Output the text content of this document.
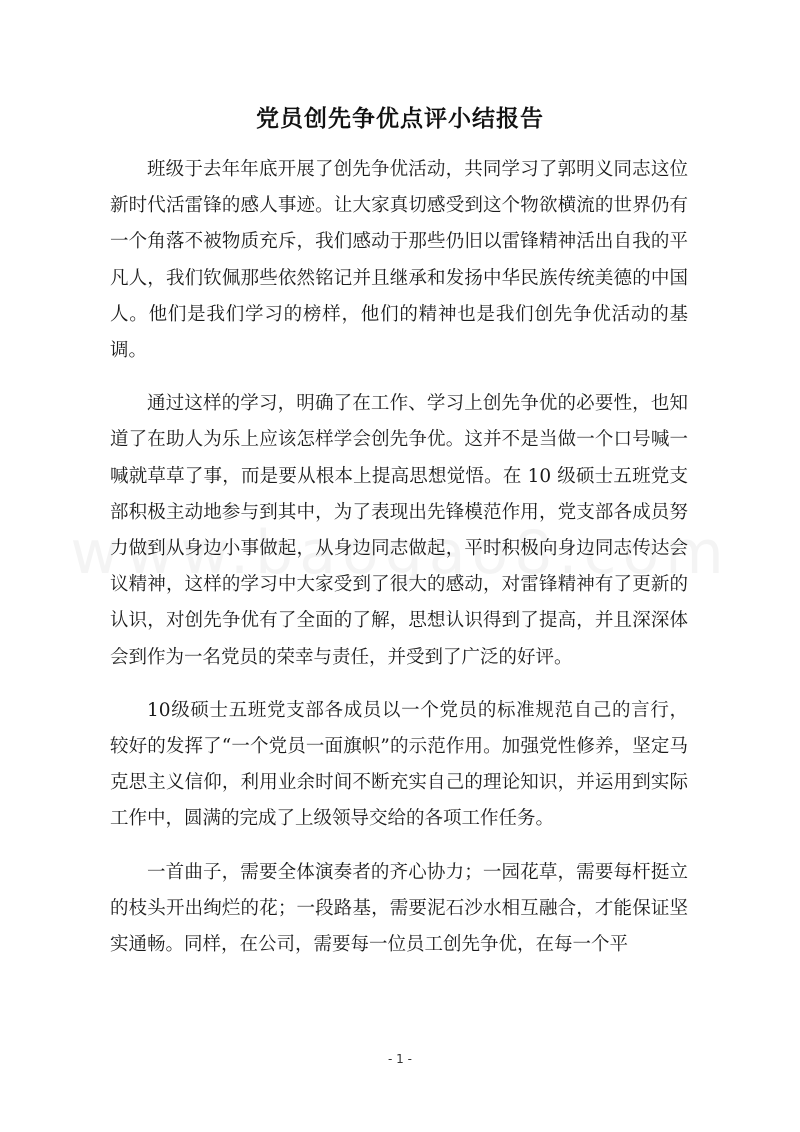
党员创先争优点评小结报告

班级于去年年底开展了创先争优活动，共同学习了郭明义同志这位新时代活雷锋的感人事迹。让大家真切感受到这个物欲横流的世界仍有一个角落不被物质充斥，我们感动于那些仍旧以雷锋精神活出自我的平凡人，我们钦佩那些依然铭记并且继承和发扬中华民族传统美德的中国人。他们是我们学习的榜样，他们的精神也是我们创先争优活动的基调。

通过这样的学习，明确了在工作、学习上创先争优的必要性，也知道了在助人为乐上应该怎样学会创先争优。这并不是当做一个口号喊一喊就草草了事，而是要从根本上提高思想觉悟。在 10 级硕士五班党支部积极主动地参与到其中，为了表现出先锋模范作用，党支部各成员努力做到从身边小事做起，从身边同志做起，平时积极向身边同志传达会议精神，这样的学习中大家受到了很大的感动，对雷锋精神有了更新的认识，对创先争优有了全面的了解，思想认识得到了提高，并且深深体会到作为一名党员的荣幸与责任，并受到了广泛的好评。

10级硕士五班党支部各成员以一个党员的标准规范自己的言行，较好的发挥了“一个党员一面旗帜”的示范作用。加强党性修养，坚定马克思主义信仰，利用业余时间不断充实自己的理论知识，并运用到实际工作中，圆满的完成了上级领导交给的各项工作任务。

一首曲子，需要全体演奏者的齐心协力；一园花草，需要每杆挺立的枝头开出绚烂的花；一段路基，需要泥石沙水相互融合，才能保证坚实通畅。同样，在公司，需要每一位员工创先争优，在每一个平

- 1 -
